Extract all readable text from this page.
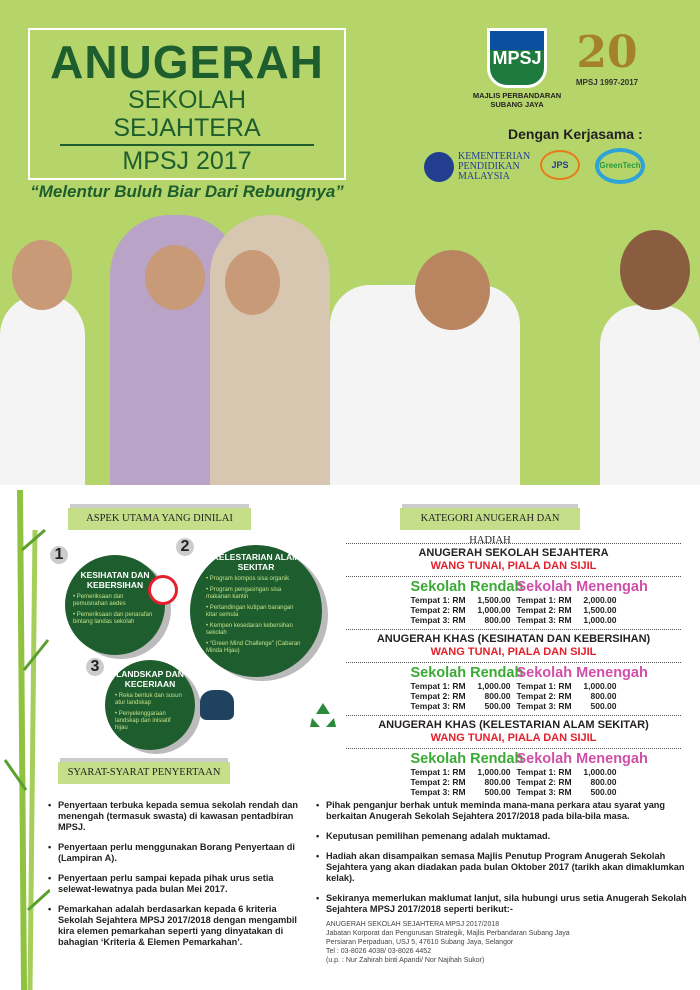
ANUGERAH
SEKOLAH SEJAHTERA
MPSJ 2017
“Melentur Buluh Biar Dari Rebungnya”
MPSJ
MAJLIS PERBANDARAN
SUBANG JAYA
20
MPSJ 1997-2017
Dengan Kerjasama :
KEMENTERIAN
PENDIDIKAN
MALAYSIA
JPS	GreenTech
ASPEK UTAMA YANG DINILAI
KESIHATAN DAN KEBERSIHAN
• Pemeriksaan dan pemusnahan aedes
• Pemeriksaan dan penarafan bintang landas sekolah
1	KELESTARIAN ALAM SEKITAR
• Program kompos sisa organik
• Program pengasingan sisa makanan kantin
• Pertandingan kutipan barangan kitar semula
• Kempen kesedaran kebersihan sekolah
• “Green Mind Challenge” (Cabaran Minda Hijau)
2
LANDSKAP DAN KECERIAAN
• Reka bentuk dan susun atur landskap
• Penyelenggaraan landskap dan inisiatif hijau
3
KATEGORI ANUGERAH DAN HADIAH
ANUGERAH SEKOLAH SEJAHTERA
WANG TUNAI, PIALA DAN SIJIL
Sekolah Rendah
Tempat 1: RM 1,500.00
Tempat 2: RM 1,000.00
Tempat 3: RM 800.00
Sekolah Menengah
Tempat 1: RM 2,000.00
Tempat 2: RM 1,500.00
Tempat 3: RM 1,000.00
ANUGERAH KHAS (KESIHATAN DAN KEBERSIHAN)
WANG TUNAI, PIALA DAN SIJIL
Sekolah Rendah
Tempat 1: RM 1,000.00
Tempat 2: RM 800.00
Tempat 3: RM 500.00
Sekolah Menengah
Tempat 1: RM 1,000.00
Tempat 2: RM 800.00
Tempat 3: RM 500.00
ANUGERAH KHAS (KELESTARIAN ALAM SEKITAR)
WANG TUNAI, PIALA DAN SIJIL
Sekolah Rendah
Tempat 1: RM 1,000.00
Tempat 2: RM 800.00
Tempat 3: RM 500.00
Sekolah Menengah
Tempat 1: RM 1,000.00
Tempat 2: RM 800.00
Tempat 3: RM 500.00
SYARAT-SYARAT PENYERTAAN
• Penyertaan terbuka kepada semua sekolah rendah dan menengah (termasuk swasta) di kawasan pentadbiran MPSJ.
• Penyertaan perlu menggunakan Borang Penyertaan di (Lampiran A).
• Penyertaan perlu sampai kepada pihak urus setia selewat-lewatnya pada bulan Mei 2017.
• Pemarkahan adalah berdasarkan kepada 6 kriteria Sekolah Sejahtera MPSJ 2017/2018 dengan mengambil kira elemen pemarkahan seperti yang dinyatakan di bahagian ‘Kriteria & Elemen Pemarkahan’.
• Pihak penganjur berhak untuk meminda mana-mana perkara atau syarat yang berkaitan Anugerah Sekolah Sejahtera 2017/2018 pada bila-bila masa.
• Keputusan pemilihan pemenang adalah muktamad.
• Hadiah akan disampaikan semasa Majlis Penutup Program Anugerah Sekolah Sejahtera yang akan diadakan pada bulan Oktober 2017 (tarikh akan dimaklumkan kelak).
• Sekiranya memerlukan maklumat lanjut, sila hubungi urus setia Anugerah Sekolah Sejahtera MPSJ 2017/2018 seperti berikut:-
ANUGERAH SEKOLAH SEJAHTERA MPSJ 2017/2018
Jabatan Korporat dan Pengurusan Strategik, Majlis Perbandaran Subang Jaya
Persiaran Perpaduan, USJ 5, 47610 Subang Jaya, Selangor
Tel : 03-8026 4038/ 03-8026 4452
(u.p. : Nur Zahirah binti Apandi/ Nor Najihah Sukor)
